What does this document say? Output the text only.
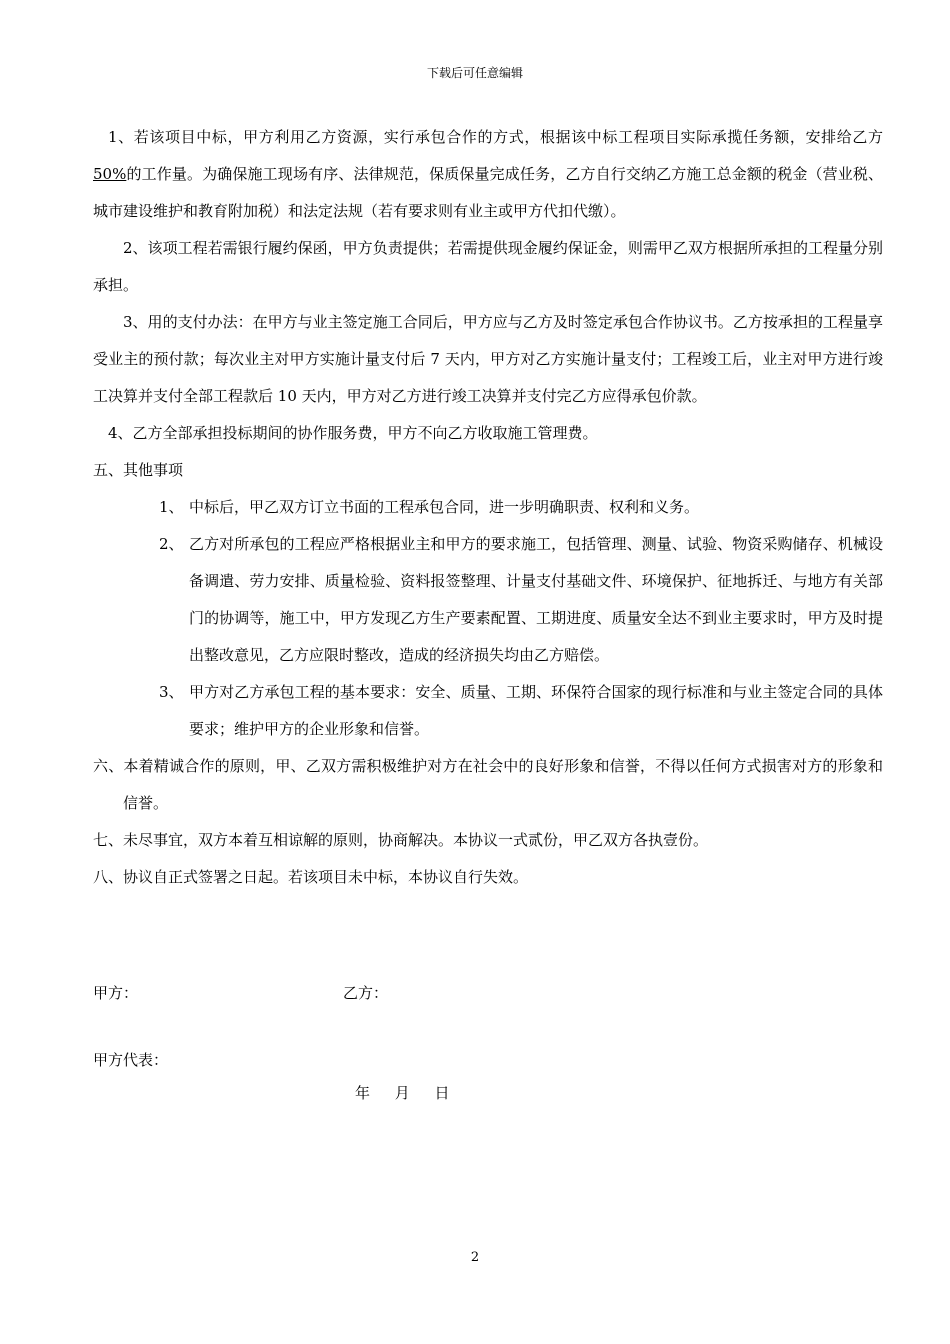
下载后可任意编辑

1、若该项目中标，甲方利用乙方资源，实行承包合作的方式，根据该中标工程项目实际承揽任务额，安排给乙方50%的工作量。为确保施工现场有序、法律规范，保质保量完成任务，乙方自行交纳乙方施工总金额的税金（营业税、城市建设维护和教育附加税）和法定法规（若有要求则有业主或甲方代扣代缴）。

2、该项工程若需银行履约保函，甲方负责提供；若需提供现金履约保证金，则需甲乙双方根据所承担的工程量分别承担。

3、用的支付办法：在甲方与业主签定施工合同后，甲方应与乙方及时签定承包合作协议书。乙方按承担的工程量享受业主的预付款；每次业主对甲方实施计量支付后 7 天内，甲方对乙方实施计量支付；工程竣工后，业主对甲方进行竣工决算并支付全部工程款后 10 天内，甲方对乙方进行竣工决算并支付完乙方应得承包价款。

4、乙方全部承担投标期间的协作服务费，甲方不向乙方收取施工管理费。

五、其他事项

1、 中标后，甲乙双方订立书面的工程承包合同，进一步明确职责、权利和义务。
2、 乙方对所承包的工程应严格根据业主和甲方的要求施工，包括管理、测量、试验、物资采购储存、机械设备调遣、劳力安排、质量检验、资料报签整理、计量支付基础文件、环境保护、征地拆迁、与地方有关部门的协调等，施工中，甲方发现乙方生产要素配置、工期进度、质量安全达不到业主要求时，甲方及时提出整改意见，乙方应限时整改，造成的经济损失均由乙方赔偿。
3、 甲方对乙方承包工程的基本要求：安全、质量、工期、环保符合国家的现行标准和与业主签定合同的具体要求；维护甲方的企业形象和信誉。

六、本着精诚合作的原则，甲、乙双方需积极维护对方在社会中的良好形象和信誉，不得以任何方式损害对方的形象和信誉。

七、未尽事宜，双方本着互相谅解的原则，协商解决。本协议一式贰份，甲乙双方各执壹份。

八、协议自正式签署之日起。若该项目未中标，本协议自行失效。

甲方：	乙方：
甲方代表：
年 月 日
2
